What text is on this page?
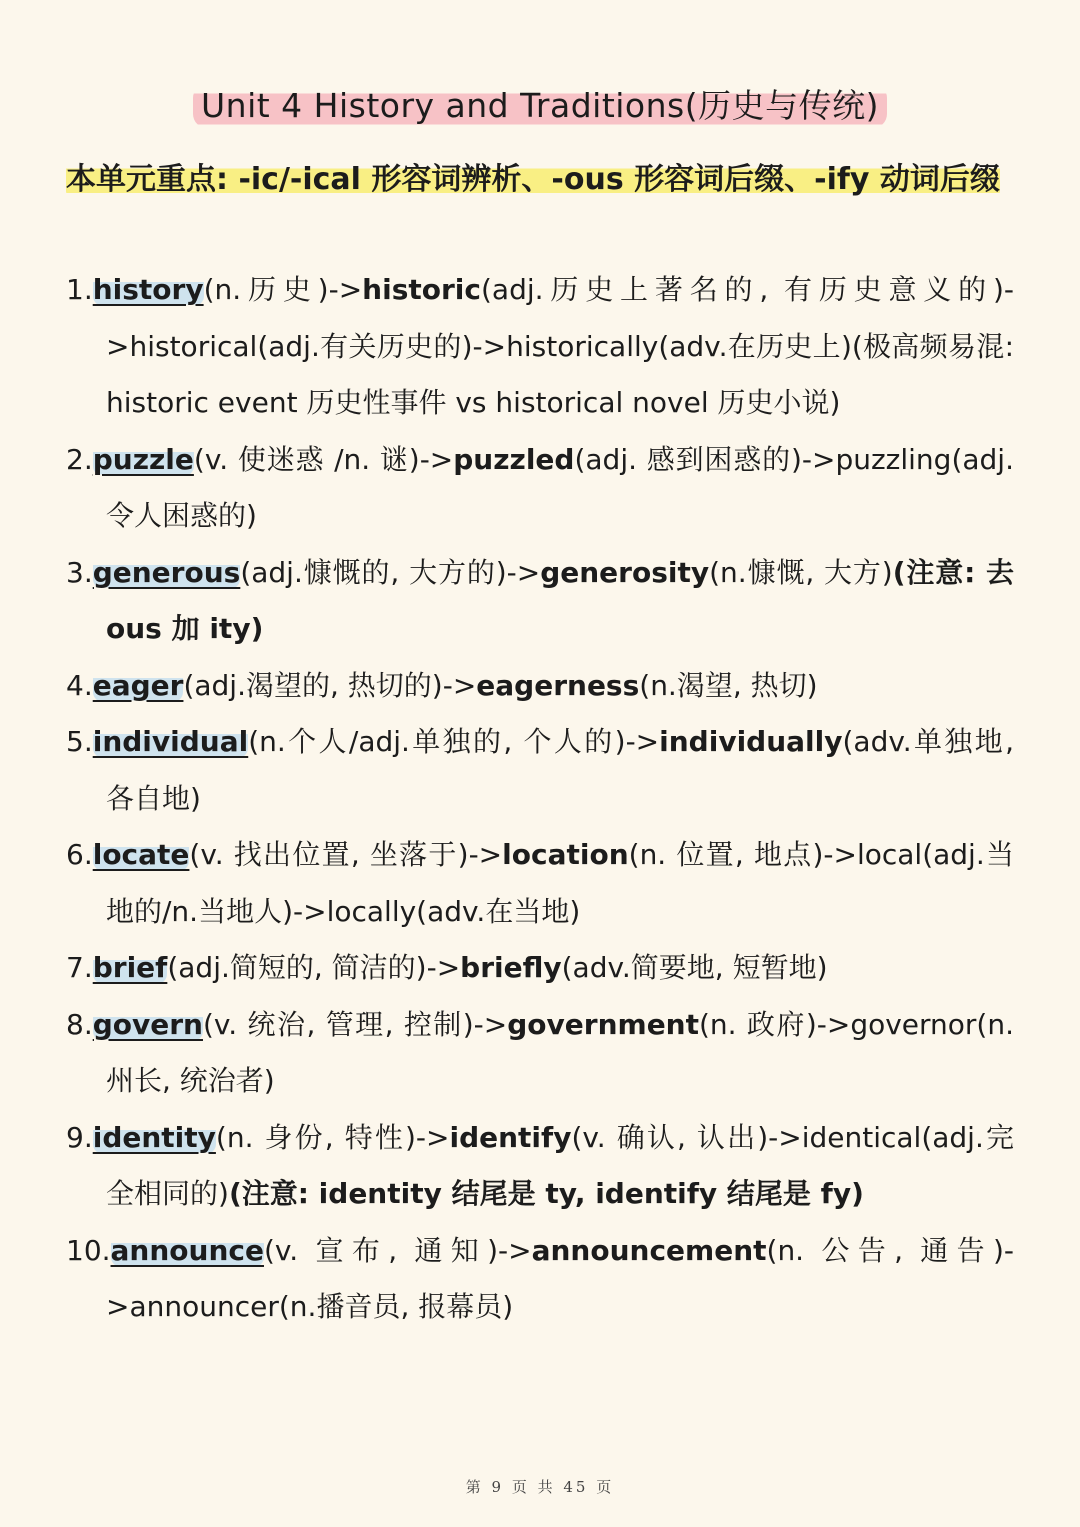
Unit 4 History and Traditions(历史与传统)
本单元重点: -ic/-ical 形容词辨析、-ous 形容词后缀、-ify 动词后缀

1.history(n.历史)->historic(adj.历史上著名的, 有历史意义的)->historical(adj.有关历史的)->historically(adv.在历史上)(极高频易混: historic event 历史性事件 vs historical novel 历史小说)

2.puzzle(v. 使迷惑 /n. 谜)->puzzled(adj. 感到困惑的)->puzzling(adj.令人困惑的)

3.generous(adj.慷慨的, 大方的)->generosity(n.慷慨, 大方)(注意: 去 ous 加 ity)

4.eager(adj.渴望的, 热切的)->eagerness(n.渴望, 热切)

5.individual(n.个人/adj.单独的, 个人的)->individually(adv.单独地, 各自地)

6.locate(v. 找出位置, 坐落于)->location(n. 位置, 地点)->local(adj.当地的/n.当地人)->locally(adv.在当地)

7.brief(adj.简短的, 简洁的)->briefly(adv.简要地, 短暂地)

8.govern(v. 统治, 管理, 控制)->government(n. 政府)->governor(n.州长, 统治者)

9.identity(n. 身份, 特性)->identify(v. 确认, 认出)->identical(adj.完全相同的)(注意: identity 结尾是 ty, identify 结尾是 fy)

10.announce(v. 宣布, 通知)->announcement(n. 公告, 通告)->announcer(n.播音员, 报幕员)

第 9 页 共 45 页
